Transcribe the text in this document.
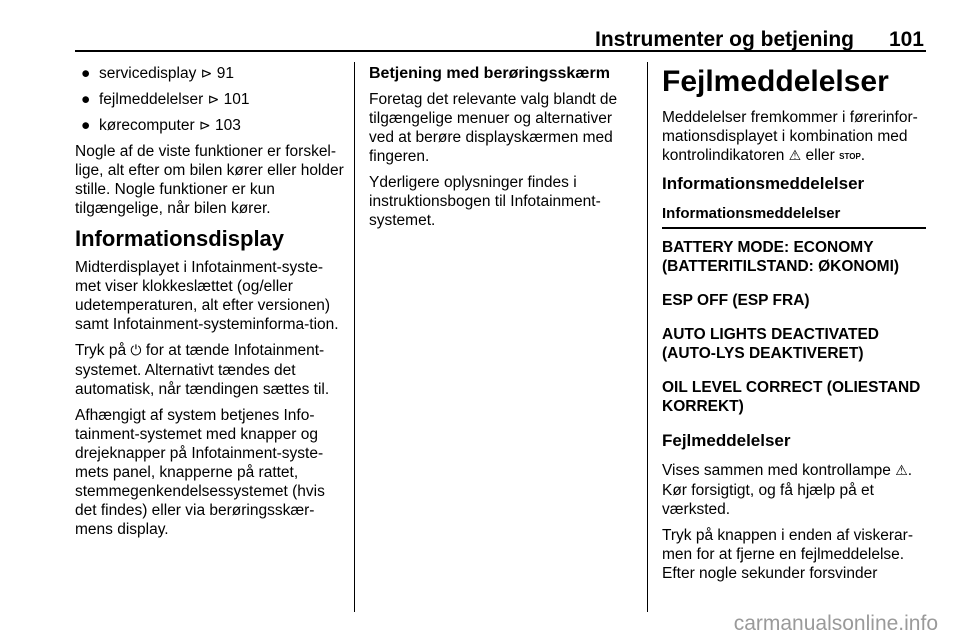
Instrumenter og betjening 101
● servicedisplay ⊳ 91
● fejlmeddelelser ⊳ 101
● kørecomputer ⊳ 103

Nogle af de viste funktioner er forskel-lige, alt efter om bilen kører eller holder stille. Nogle funktioner er kun tilgængelige, når bilen kører.

Informationsdisplay

Midterdisplayet i Infotainment-syste-met viser klokkeslættet (og/eller udetemperaturen, alt efter versionen) samt Infotainment-systeminforma-tion.

Tryk på ⏻ for at tænde Infotainment-systemet. Alternativt tændes det automatisk, når tændingen sættes til.

Afhængigt af system betjenes Info-tainment-systemet med knapper og drejeknapper på Infotainment-syste-mets panel, knapperne på rattet, stemmegenkendelsessystemet (hvis det findes) eller via berøringsskær-mens display.

Betjening med berøringsskærm

Foretag det relevante valg blandt de tilgængelige menuer og alternativer ved at berøre displayskærmen med fingeren.

Yderligere oplysninger findes i instruktionsbogen til Infotainment-systemet.

Fejlmeddelelser

Meddelelser fremkommer i førerinfor-mationsdisplayet i kombination med kontrolindikatoren ⚠ eller STOP.

Informationsmeddelelser
Informationsmeddelelser
BATTERY MODE: ECONOMY (BATTERITILSTAND: ØKONOMI)
ESP OFF (ESP FRA)
AUTO LIGHTS DEACTIVATED (AUTO-LYS DEAKTIVERET)
OIL LEVEL CORRECT (OLIESTAND KORREKT)
Fejlmeddelelser

Vises sammen med kontrollampe ⚠. Kør forsigtigt, og få hjælp på et værksted.

Tryk på knappen i enden af viskerar-men for at fjerne en fejlmeddelelse. Efter nogle sekunder forsvinder

carmanualsonline.info
